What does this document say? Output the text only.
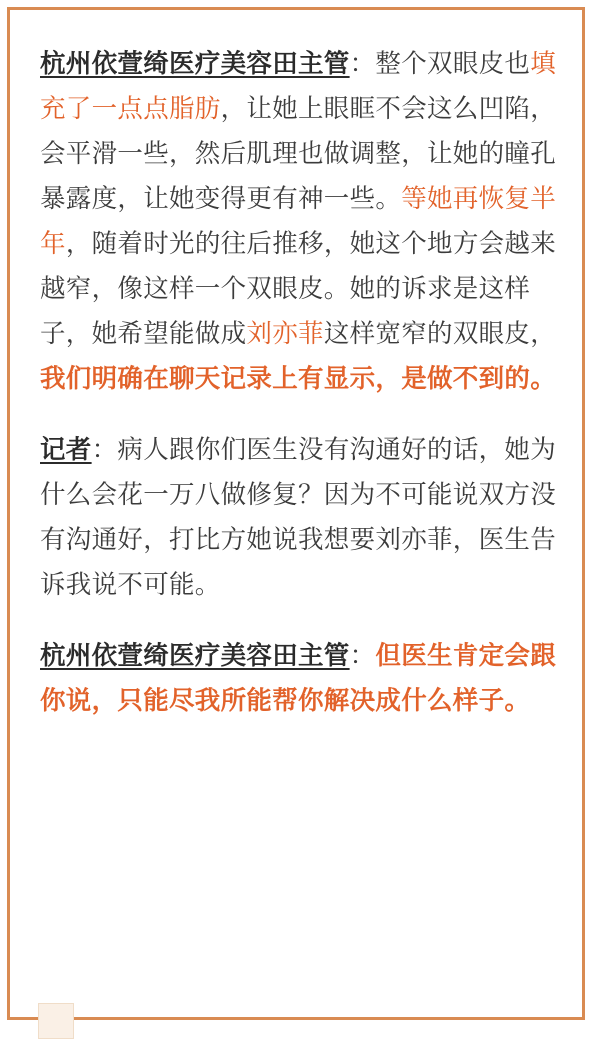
杭州依萱绮医疗美容田主管：整个双眼皮也填充了一点点脂肪，让她上眼眶不会这么凹陷，会平滑一些，然后肌理也做调整，让她的瞳孔暴露度，让她变得更有神一些。等她再恢复半年，随着时光的往后推移，她这个地方会越来越窄，像这样一个双眼皮。她的诉求是这样子，她希望能做成刘亦菲这样宽窄的双眼皮，我们明确在聊天记录上有显示，是做不到的。

记者：病人跟你们医生没有沟通好的话，她为什么会花一万八做修复？因为不可能说双方没有沟通好，打比方她说我想要刘亦菲，医生告诉我说不可能。

杭州依萱绮医疗美容田主管：但医生肯定会跟你说，只能尽我所能帮你解决成什么样子。
